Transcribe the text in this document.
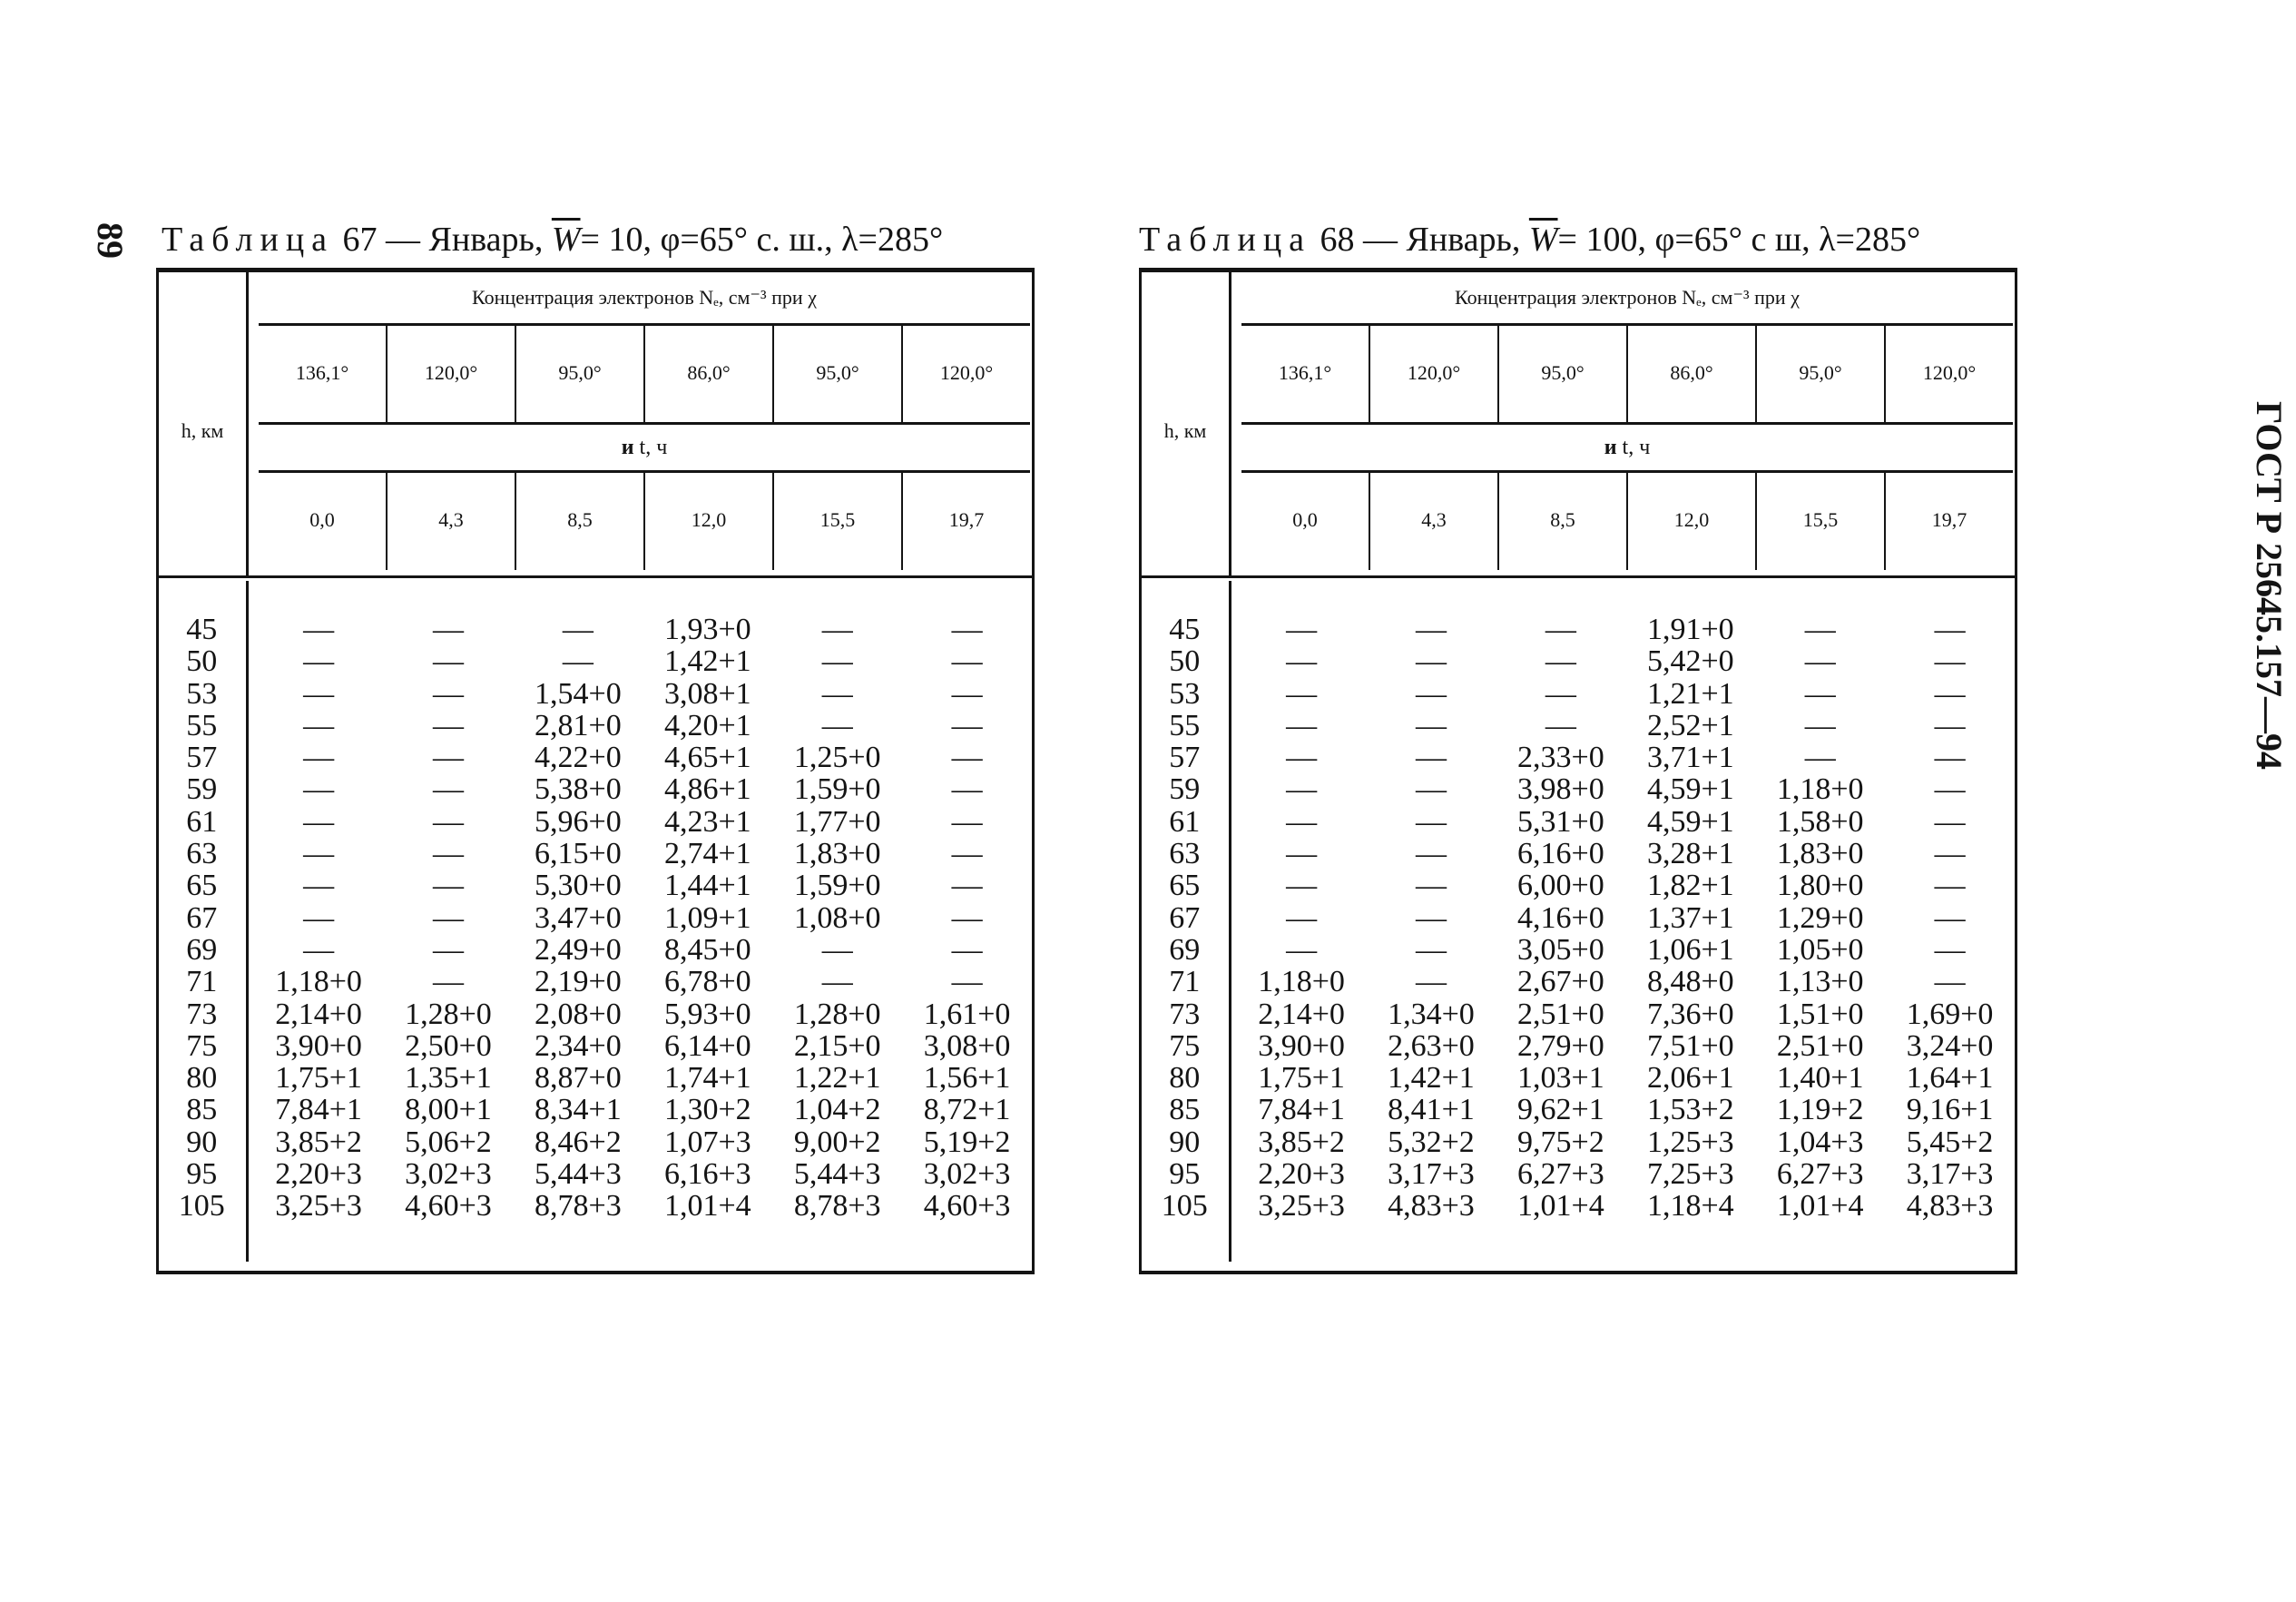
89
ГОСТ Р 25645.157—94
Таблица 67 — Январь, $\overline{W}= 10$, φ=65° с. ш., λ=285°
h, км
Концентрация электронов Nₑ, см⁻³ при χ
136,1°	120,0°	95,0°	86,0°	95,0°	120,0°
и t, ч
0,0	4,3	8,5	12,0	15,5	19,7
45	—	—	—	1,93+0	—	—
50	—	—	—	1,42+1	—	—
53	—	—	1,54+0	3,08+1	—	—
55	—	—	2,81+0	4,20+1	—	—
57	—	—	4,22+0	4,65+1	1,25+0	—
59	—	—	5,38+0	4,86+1	1,59+0	—
61	—	—	5,96+0	4,23+1	1,77+0	—
63	—	—	6,15+0	2,74+1	1,83+0	—
65	—	—	5,30+0	1,44+1	1,59+0	—
67	—	—	3,47+0	1,09+1	1,08+0	—
69	—	—	2,49+0	8,45+0	—	—
71	1,18+0	—	2,19+0	6,78+0	—	—
73	2,14+0	1,28+0	2,08+0	5,93+0	1,28+0	1,61+0
75	3,90+0	2,50+0	2,34+0	6,14+0	2,15+0	3,08+0
80	1,75+1	1,35+1	8,87+0	1,74+1	1,22+1	1,56+1
85	7,84+1	8,00+1	8,34+1	1,30+2	1,04+2	8,72+1
90	3,85+2	5,06+2	8,46+2	1,07+3	9,00+2	5,19+2
95	2,20+3	3,02+3	5,44+3	6,16+3	5,44+3	3,02+3
105	3,25+3	4,60+3	8,78+3	1,01+4	8,78+3	4,60+3
Таблица 68 — Январь, $\overline{W}= 100$, φ=65° с ш, λ=285°
h, км
Концентрация электронов Nₑ, см⁻³ при χ
136,1°	120,0°	95,0°	86,0°	95,0°	120,0°
и t, ч
0,0	4,3	8,5	12,0	15,5	19,7
45	—	—	—	1,91+0	—	—
50	—	—	—	5,42+0	—	—
53	—	—	—	1,21+1	—	—
55	—	—	—	2,52+1	—	—
57	—	—	2,33+0	3,71+1	—	—
59	—	—	3,98+0	4,59+1	1,18+0	—
61	—	—	5,31+0	4,59+1	1,58+0	—
63	—	—	6,16+0	3,28+1	1,83+0	—
65	—	—	6,00+0	1,82+1	1,80+0	—
67	—	—	4,16+0	1,37+1	1,29+0	—
69	—	—	3,05+0	1,06+1	1,05+0	—
71	1,18+0	—	2,67+0	8,48+0	1,13+0	—
73	2,14+0	1,34+0	2,51+0	7,36+0	1,51+0	1,69+0
75	3,90+0	2,63+0	2,79+0	7,51+0	2,51+0	3,24+0
80	1,75+1	1,42+1	1,03+1	2,06+1	1,40+1	1,64+1
85	7,84+1	8,41+1	9,62+1	1,53+2	1,19+2	9,16+1
90	3,85+2	5,32+2	9,75+2	1,25+3	1,04+3	5,45+2
95	2,20+3	3,17+3	6,27+3	7,25+3	6,27+3	3,17+3
105	3,25+3	4,83+3	1,01+4	1,18+4	1,01+4	4,83+3
